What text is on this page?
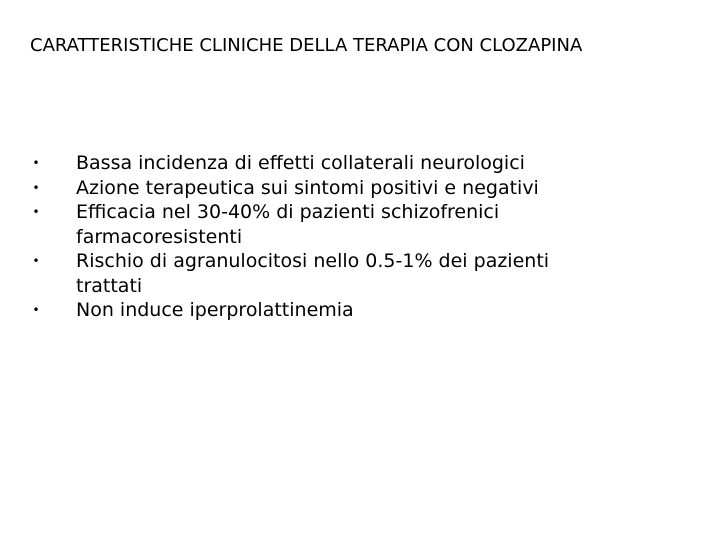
CARATTERISTICHE CLINICHE DELLA TERAPIA CON CLOZAPINA
• Bassa incidenza di effetti collaterali neurologici
• Azione terapeutica sui sintomi positivi e negativi
• Efficacia nel 30-40% di pazienti schizofrenici
farmacoresistenti
• Rischio di agranulocitosi nello 0.5-1% dei pazienti
trattati
• Non induce iperprolattinemia
